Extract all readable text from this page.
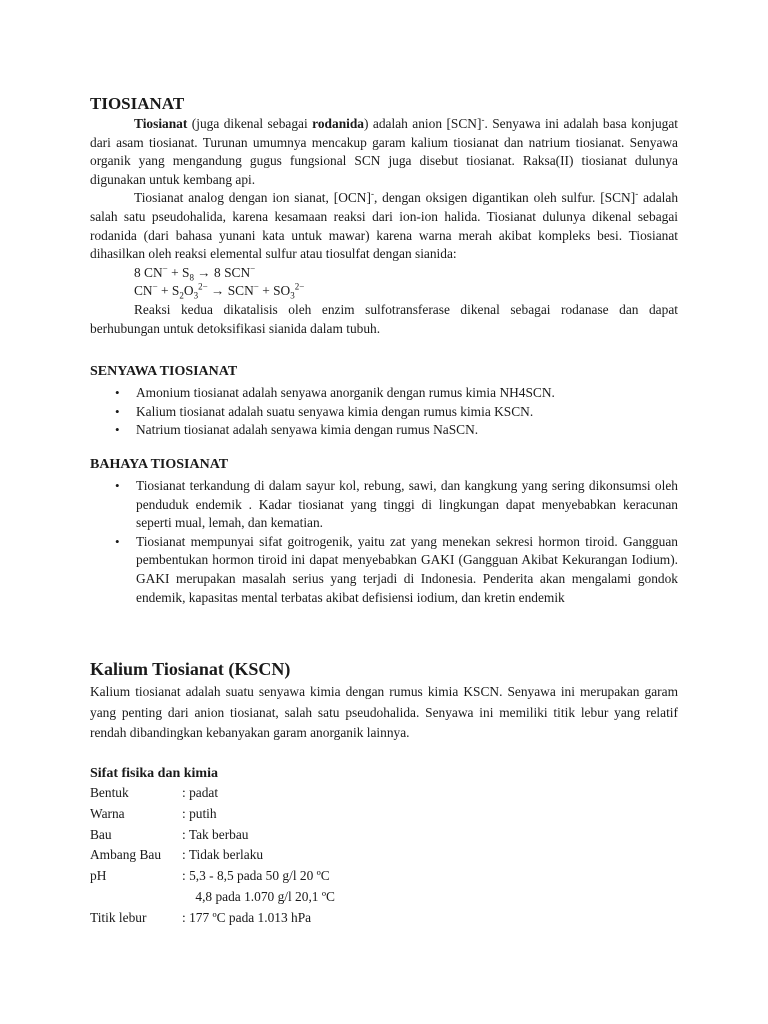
TIOSIANAT

Tiosianat (juga dikenal sebagai rodanida) adalah anion [SCN]-. Senyawa ini adalah basa konjugat dari asam tiosianat. Turunan umumnya mencakup garam kalium tiosianat dan natrium tiosianat. Senyawa organik yang mengandung gugus fungsional SCN juga disebut tiosianat. Raksa(II) tiosianat dulunya digunakan untuk kembang api.

Tiosianat analog dengan ion sianat, [OCN]-, dengan oksigen digantikan oleh sulfur. [SCN]- adalah salah satu pseudohalida, karena kesamaan reaksi dari ion-ion halida. Tiosianat dulunya dikenal sebagai rodanida (dari bahasa yunani kata untuk mawar) karena warna merah akibat kompleks besi. Tiosianat dihasilkan oleh reaksi elemental sulfur atau tiosulfat dengan sianida:

8 $CN^- + S_8 \to 8$ SCN−

$CN^- + S_2O_3^{2-} \to SCN^- + SO_3^{2-}$

Reaksi kedua dikatalisis oleh enzim sulfotransferase dikenal sebagai rodanase dan dapat berhubungan untuk detoksifikasi sianida dalam tubuh.

SENYAWA TIOSIANAT
• Amonium tiosianat adalah senyawa anorganik dengan rumus kimia NH4SCN.
• Kalium tiosianat adalah suatu senyawa kimia dengan rumus kimia KSCN.
• Natrium tiosianat adalah senyawa kimia dengan rumus NaSCN.
BAHAYA TIOSIANAT
• Tiosianat terkandung di dalam sayur kol, rebung, sawi, dan kangkung yang sering dikonsumsi oleh penduduk endemik . Kadar tiosianat yang tinggi di lingkungan dapat menyebabkan keracunan seperti mual, lemah, dan kematian.
• Tiosianat mempunyai sifat goitrogenik, yaitu zat yang menekan sekresi hormon tiroid. Gangguan pembentukan hormon tiroid ini dapat menyebabkan GAKI (Gangguan Akibat Kekurangan Iodium). GAKI merupakan masalah serius yang terjadi di Indonesia. Penderita akan mengalami gondok endemik, kapasitas mental terbatas akibat defisiensi iodium, dan kretin endemik
Kalium Tiosianat (KSCN)

Kalium tiosianat adalah suatu senyawa kimia dengan rumus kimia KSCN. Senyawa ini merupakan garam yang penting dari anion tiosianat, salah satu pseudohalida. Senyawa ini memiliki titik lebur yang relatif rendah dibandingkan kebanyakan garam anorganik lainnya.

Sifat fisika dan kimia
Bentuk	: padat
Warna	: putih
Bau	: Tak berbau
Ambang Bau	: Tidak berlaku
pH	: 5,3 - 8,5 pada 50 g/l 20 ºC
4,8 pada 1.070 g/l 20,1 ºC
Titik lebur	: 177 ºC pada 1.013 hPa
